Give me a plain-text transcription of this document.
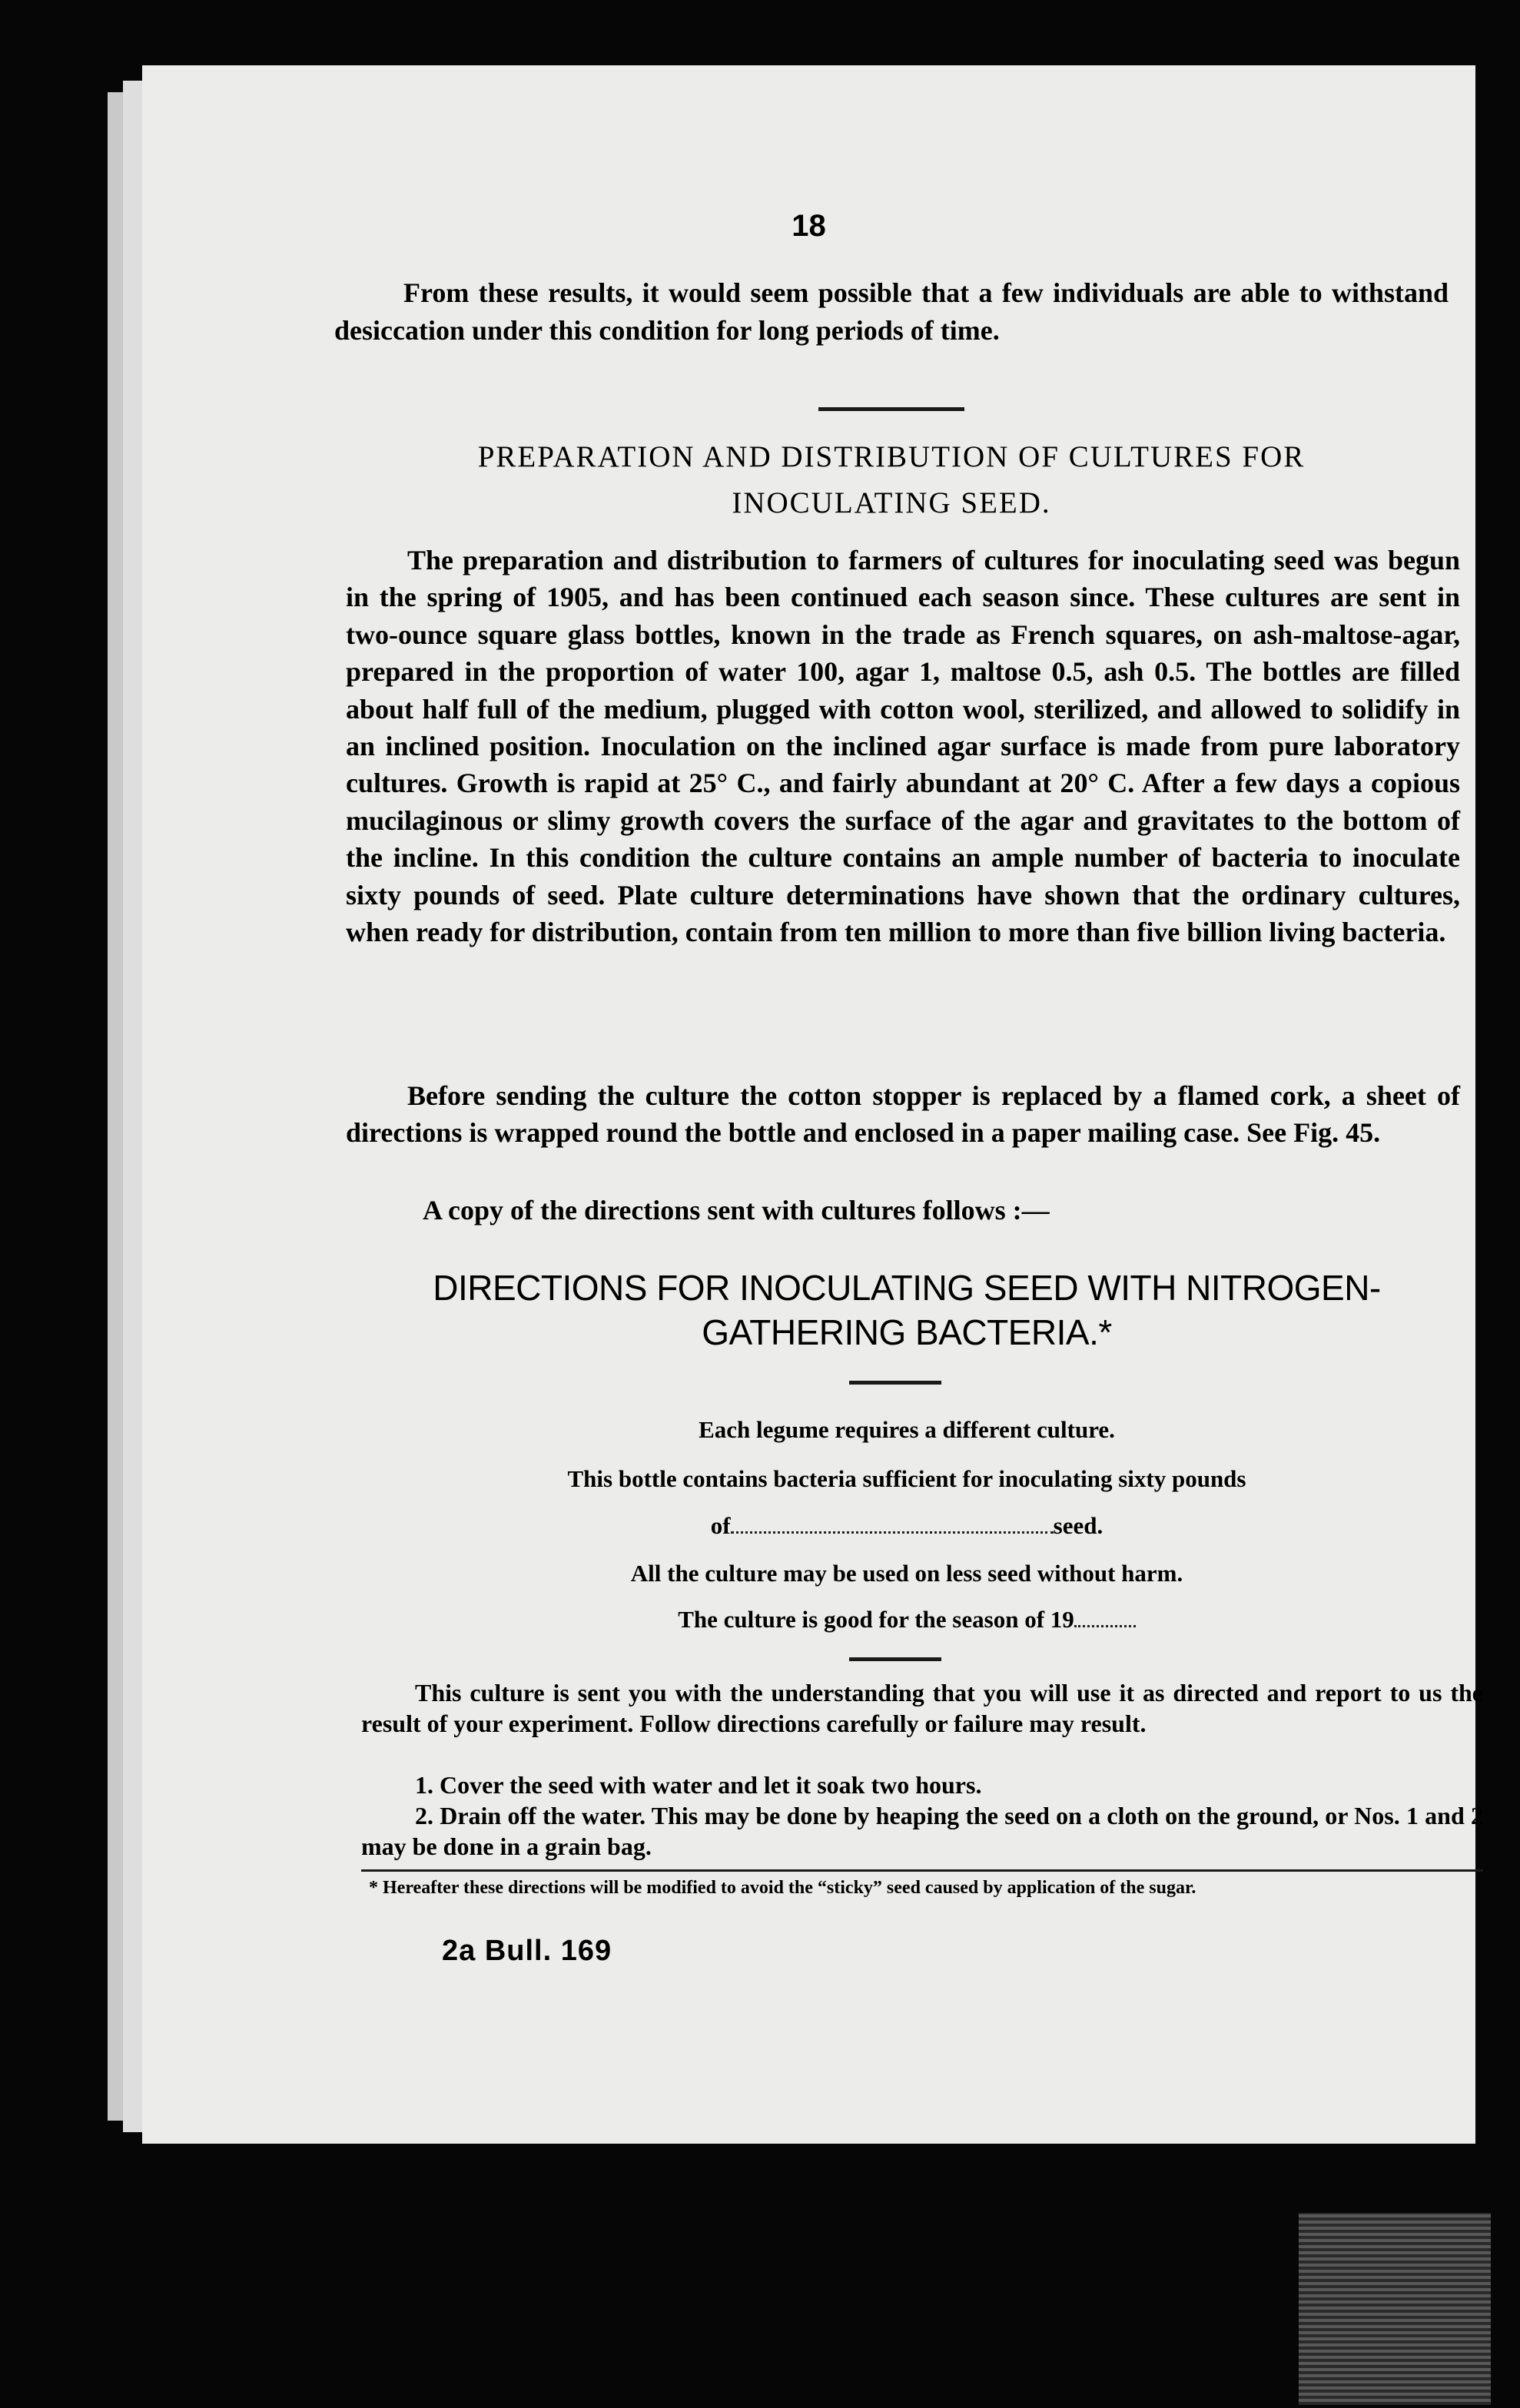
18

From these results, it would seem possible that a few individuals are able to withstand desiccation under this condition for long periods of time.

PREPARATION AND DISTRIBUTION OF CULTURES FOR
INOCULATING SEED.

The preparation and distribution to farmers of cultures for inoculating seed was begun in the spring of 1905, and has been continued each season since. These cultures are sent in two-ounce square glass bottles, known in the trade as French squares, on ash-maltose-agar, prepared in the proportion of water 100, agar 1, maltose 0.5, ash 0.5. The bottles are filled about half full of the medium, plugged with cotton wool, sterilized, and allowed to solidify in an inclined position. Inoculation on the inclined agar surface is made from pure laboratory cultures. Growth is rapid at 25° C., and fairly abundant at 20° C. After a few days a copious mucilaginous or slimy growth covers the surface of the agar and gravitates to the bottom of the incline. In this condition the culture contains an ample number of bacteria to inoculate sixty pounds of seed. Plate culture determinations have shown that the ordinary cultures, when ready for distribution, contain from ten million to more than five billion living bacteria.

Before sending the culture the cotton stopper is replaced by a flamed cork, a sheet of directions is wrapped round the bottle and enclosed in a paper mailing case. See Fig. 45.

A copy of the directions sent with cultures follows :—

DIRECTIONS FOR INOCULATING SEED WITH NITROGEN-
GATHERING BACTERIA.*
Each legume requires a different culture.
This bottle contains bacteria sufficient for inoculating sixty pounds
of	seed.
All the culture may be used on less seed without harm.
The culture is good for the season of 19

This culture is sent you with the understanding that you will use it as directed and report to us the result of your experiment. Follow directions carefully or failure may result.

1. Cover the seed with water and let it soak two hours.

2. Drain off the water. This may be done by heaping the seed on a cloth on the ground, or Nos. 1 and 2 may be done in a grain bag.

* Hereafter these directions will be modified to avoid the “sticky” seed caused by application of the sugar.

2a Bull. 169
